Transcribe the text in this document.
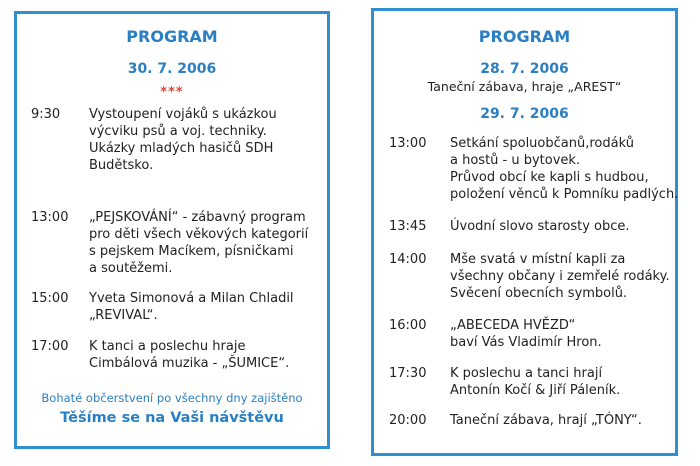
PROGRAM
30. 7. 2006
***
9:30 Vystoupení vojáků s ukázkou
výcviku psů a voj. techniky.
Ukázky mladých hasičů SDH
Budětsko.
13:00 „PEJSKOVÁNÍ“ - zábavný program
pro děti všech věkových kategorií
s pejskem Macíkem, písničkami
a soutěžemi.
15:00 Yveta Simonová a Milan Chladil
„REVIVAL“.
17:00 K tanci a poslechu hraje
Cimbálová muzika - „ŠUMICE“.
Bohaté občerstvení po všechny dny zajištěno
Těšíme se na Vaši návštěvu
PROGRAM
28. 7. 2006
Taneční zábava, hraje „AREST“
29. 7. 2006
13:00 Setkání spoluobčanů,rodáků
a hostů - u bytovek.
Průvod obcí ke kapli s hudbou,
položení věnců k Pomníku padlých.
13:45 Úvodní slovo starosty obce.
14:00 Mše svatá v místní kapli za
všechny občany i zemřelé rodáky.
Svěcení obecních symbolů.
16:00 „ABECEDA HVĚZD“
baví Vás Vladimír Hron.
17:30 K poslechu a tanci hrají
Antonín Kočí & Jiří Páleník.
20:00 Taneční zábava, hrají „TÓNY“.
